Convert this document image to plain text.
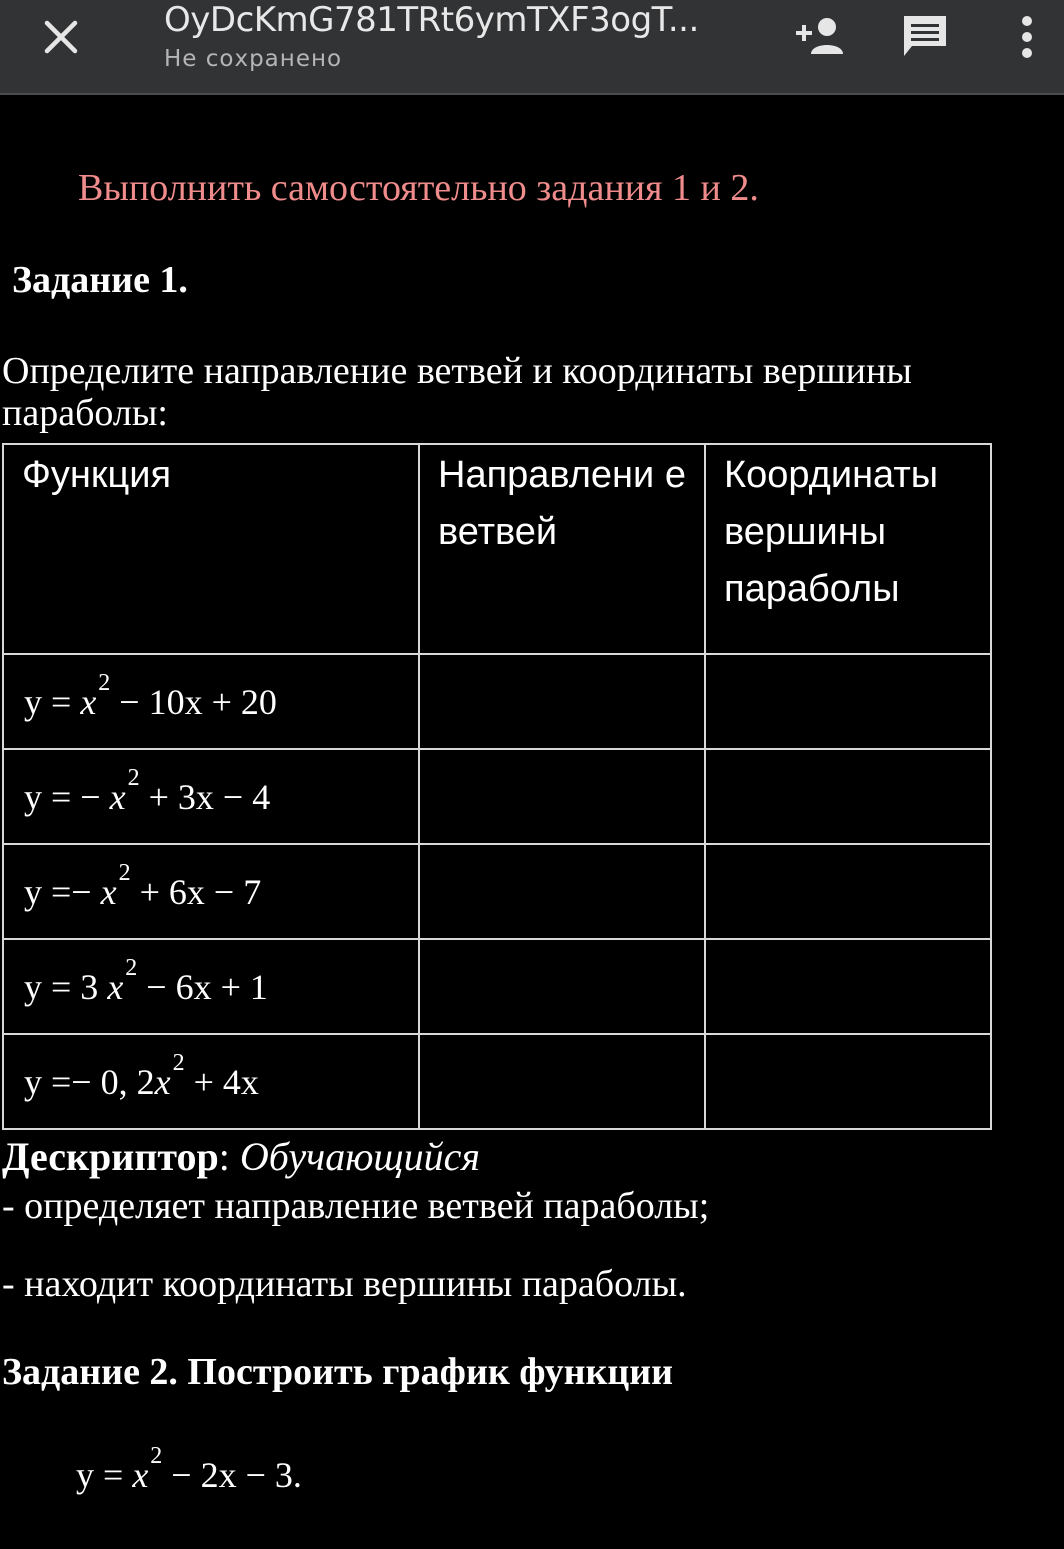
OyDcKmG781TRt6ymTXF3ogT...
Не сохранено
Выполнить самостоятельно задания 1 и 2.
Задание 1.
Определите направление ветвей и координаты вершины параболы:
Функция	Направлени е ветвей	Координаты вершины параболы

$y = x^2 - 10x + 20$		
y = − $x^2 + 3x - 4$		
$y =- x^2 + 6x - 7$		
y = 3 $x^2 - 6x + 1$		
y =− 0, $2x^2 + 4x$		
Дескриптор: Обучающийся
- определяет направление ветвей параболы;
- находит координаты вершины параболы.
Задание 2. Построить график функции
$y = x^2 - 2x - 3$.
